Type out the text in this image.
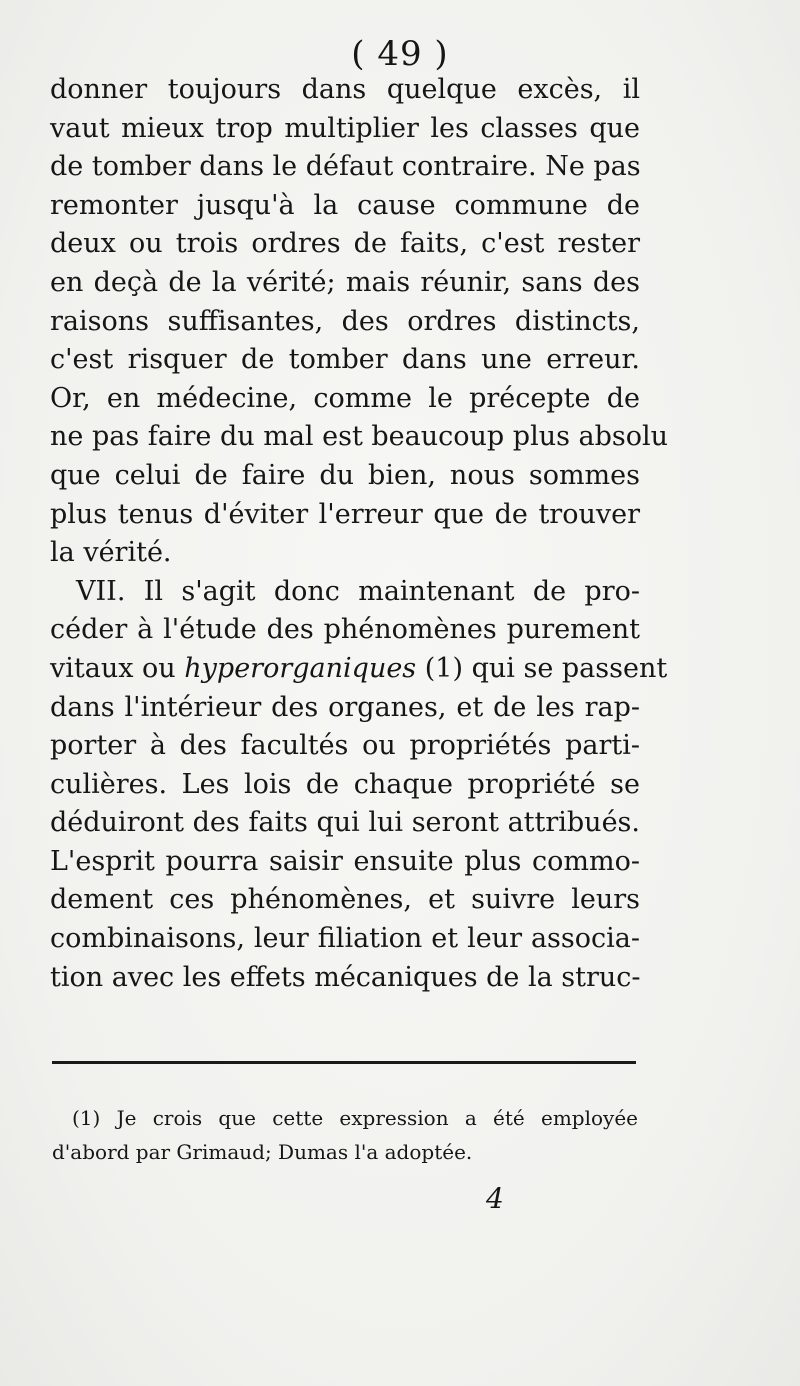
( 49 )
donner toujours dans quelque excès, il
vaut mieux trop multiplier les classes que
de tomber dans le défaut contraire. Ne pas
remonter jusqu'à la cause commune de
deux ou trois ordres de faits, c'est rester
en deçà de la vérité; mais réunir, sans des
raisons suffisantes, des ordres distincts,
c'est risquer de tomber dans une erreur.
Or, en médecine, comme le précepte de
ne pas faire du mal est beaucoup plus absolu
que celui de faire du bien, nous sommes
plus tenus d'éviter l'erreur que de trouver
la vérité.
VII. Il s'agit donc maintenant de pro-
céder à l'étude des phénomènes purement
vitaux ou hyperorganiques (1) qui se passent
dans l'intérieur des organes, et de les rap-
porter à des facultés ou propriétés parti-
culières. Les lois de chaque propriété se
déduiront des faits qui lui seront attribués.
L'esprit pourra saisir ensuite plus commo-
dement ces phénomènes, et suivre leurs
combinaisons, leur filiation et leur associa-
tion avec les effets mécaniques de la struc-
(1) Je crois que cette expression a été employée
d'abord par Grimaud; Dumas l'a adoptée.
4
